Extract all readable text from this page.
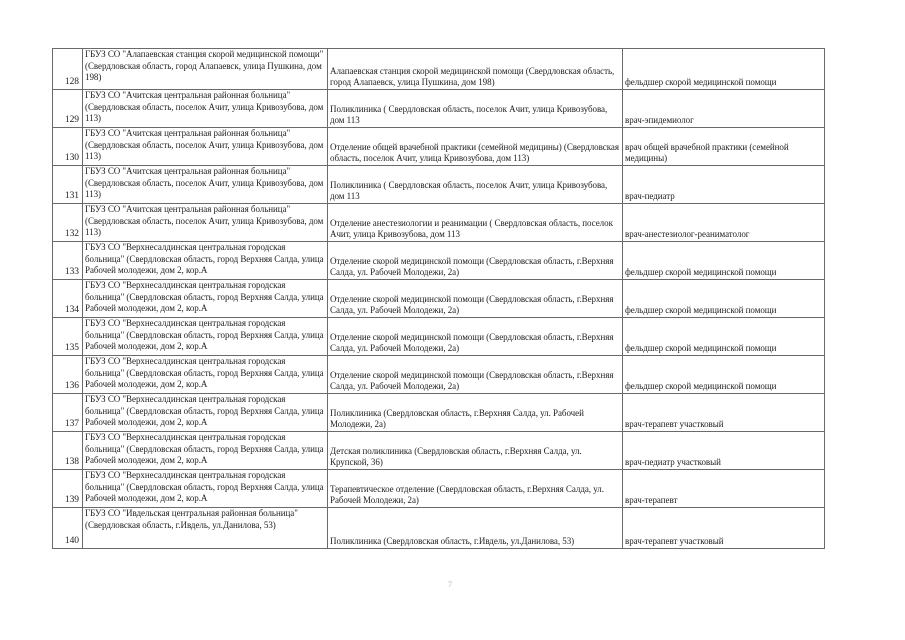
128	ГБУЗ СО "Алапаевская станция скорой медицинской помощи" (Свердловская область, город Алапаевск, улица Пушкина, дом 198)	Алапаевская станция скорой медицинской помощи (Свердловская область, город Алапаевск, улица Пушкина, дом 198)	фельдшер скорой медицинской помощи

129	ГБУЗ СО "Ачитская центральная районная больница" (Свердловская область, поселок Ачит, улица Кривозубова, дом 113)	Поликлиника ( Свердловская область, поселок Ачит, улица Кривозубова, дом 113	врач-эпидемиолог

130	ГБУЗ СО "Ачитская центральная районная больница" (Свердловская область, поселок Ачит, улица Кривозубова, дом 113)	Отделение общей врачебной практики (семейной медицины) (Свердловская область, поселок Ачит, улица Кривозубова, дом 113)	врач общей врачебной практики (семейной медицины)

131	ГБУЗ СО "Ачитская центральная районная больница" (Свердловская область, поселок Ачит, улица Кривозубова, дом 113)	Поликлиника ( Свердловская область, поселок Ачит, улица Кривозубова, дом 113	врач-педиатр

132	ГБУЗ СО "Ачитская центральная районная больница" (Свердловская область, поселок Ачит, улица Кривозубова, дом 113)	Отделение анестезиологии и реанимации ( Свердловская область, поселок Ачит, улица Кривозубова, дом 113	врач-анестезиолог-реаниматолог

133	ГБУЗ СО "Верхнесалдинская центральная городская больница" (Свердловская область, город Верхняя Салда, улица Рабочей молодежи, дом 2, кор.А	Отделение скорой медицинской помощи (Свердловская область, г.Верхняя Салда, ул. Рабочей Молодежи, 2а)	фельдшер скорой медицинской помощи

134	ГБУЗ СО "Верхнесалдинская центральная городская больница" (Свердловская область, город Верхняя Салда, улица Рабочей молодежи, дом 2, кор.А	Отделение скорой медицинской помощи (Свердловская область, г.Верхняя Салда, ул. Рабочей Молодежи, 2а)	фельдшер скорой медицинской помощи

135	ГБУЗ СО "Верхнесалдинская центральная городская больница" (Свердловская область, город Верхняя Салда, улица Рабочей молодежи, дом 2, кор.А	Отделение скорой медицинской помощи (Свердловская область, г.Верхняя Салда, ул. Рабочей Молодежи, 2а)	фельдшер скорой медицинской помощи

136	ГБУЗ СО "Верхнесалдинская центральная городская больница" (Свердловская область, город Верхняя Салда, улица Рабочей молодежи, дом 2, кор.А	Отделение скорой медицинской помощи (Свердловская область, г.Верхняя Салда, ул. Рабочей Молодежи, 2а)	фельдшер скорой медицинской помощи

137	ГБУЗ СО "Верхнесалдинская центральная городская больница" (Свердловская область, город Верхняя Салда, улица Рабочей молодежи, дом 2, кор.А	Поликлиника (Свердловская область, г.Верхняя Салда, ул. Рабочей Молодежи, 2а)	врач-терапевт участковый

138	ГБУЗ СО "Верхнесалдинская центральная городская больница" (Свердловская область, город Верхняя Салда, улица Рабочей молодежи, дом 2, кор.А	Детская поликлиника (Свердловская область, г.Верхняя Салда, ул. Крупской, 36)	врач-педиатр участковый

139	ГБУЗ СО "Верхнесалдинская центральная городская больница" (Свердловская область, город Верхняя Салда, улица Рабочей молодежи, дом 2, кор.А	Терапевтическое отделение (Свердловская область, г.Верхняя Салда, ул. Рабочей Молодежи, 2а)	врач-терапевт

140	ГБУЗ СО "Ивдельская центральная районная больница" (Свердловская область, г.Ивдель, ул.Данилова, 53)	Поликлиника (Свердловская область, г.Ивдель, ул.Данилова, 53)	врач-терапевт участковый
7
